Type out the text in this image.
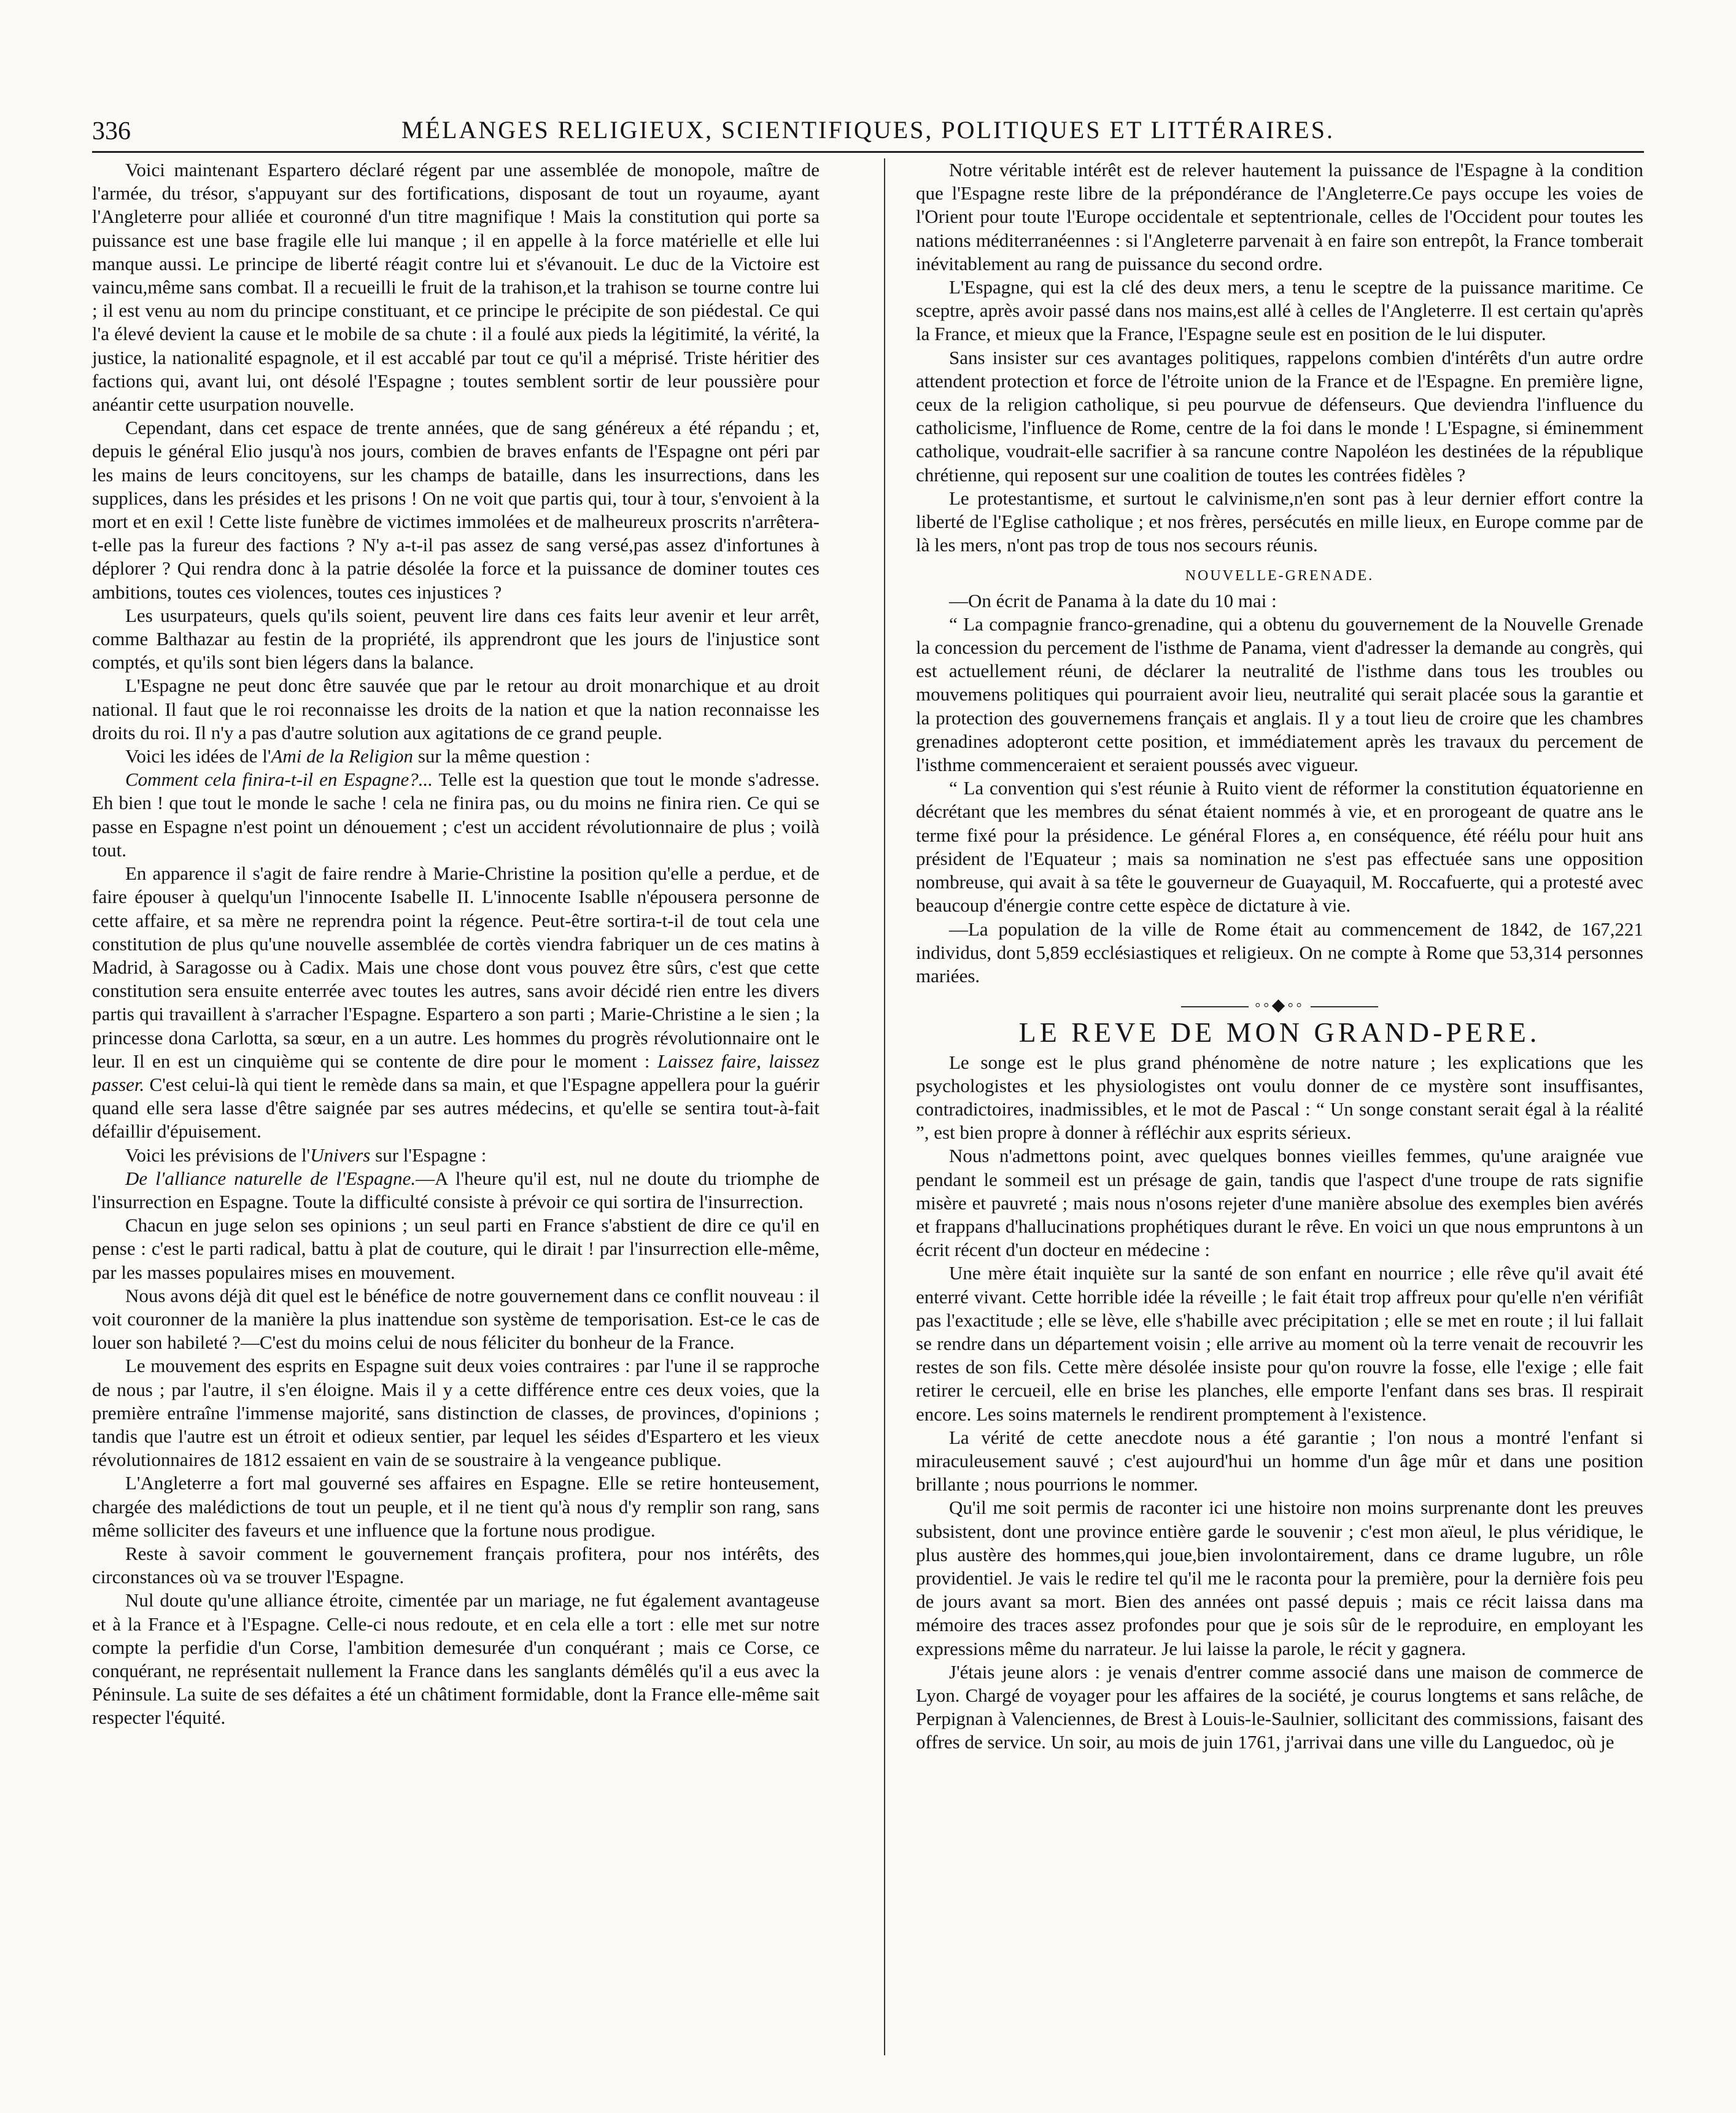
336	MÉLANGES RELIGIEUX, SCIENTIFIQUES, POLITIQUES ET LITTÉRAIRES.

Voici maintenant Espartero déclaré régent par une assemblée de monopole, maître de l'armée, du trésor, s'appuyant sur des fortifications, disposant de tout un royaume, ayant l'Angleterre pour alliée et couronné d'un titre magnifique ! Mais la constitution qui porte sa puissance est une base fragile elle lui manque ; il en appelle à la force matérielle et elle lui manque aussi. Le principe de liberté réagit contre lui et s'évanouit. Le duc de la Victoire est vaincu,même sans combat. Il a recueilli le fruit de la trahison,et la trahison se tourne contre lui ; il est venu au nom du principe constituant, et ce principe le précipite de son piédestal. Ce qui l'a élevé devient la cause et le mobile de sa chute : il a foulé aux pieds la légitimité, la vérité, la justice, la nationalité espagnole, et il est accablé par tout ce qu'il a méprisé. Triste héritier des factions qui, avant lui, ont désolé l'Espagne ; toutes semblent sortir de leur poussière pour anéantir cette usurpation nouvelle.

Cependant, dans cet espace de trente années, que de sang généreux a été répandu ; et, depuis le général Elio jusqu'à nos jours, combien de braves enfants de l'Espagne ont péri par les mains de leurs concitoyens, sur les champs de bataille, dans les insurrections, dans les supplices, dans les présides et les prisons ! On ne voit que partis qui, tour à tour, s'envoient à la mort et en exil ! Cette liste funèbre de victimes immolées et de malheureux proscrits n'arrêtera-t-elle pas la fureur des factions ? N'y a-t-il pas assez de sang versé,pas assez d'infortunes à déplorer ? Qui rendra donc à la patrie désolée la force et la puissance de dominer toutes ces ambitions, toutes ces violences, toutes ces injustices ?

Les usurpateurs, quels qu'ils soient, peuvent lire dans ces faits leur avenir et leur arrêt, comme Balthazar au festin de la propriété, ils apprendront que les jours de l'injustice sont comptés, et qu'ils sont bien légers dans la balance.

L'Espagne ne peut donc être sauvée que par le retour au droit monarchique et au droit national. Il faut que le roi reconnaisse les droits de la nation et que la nation reconnaisse les droits du roi. Il n'y a pas d'autre solution aux agitations de ce grand peuple.

Voici les idées de l'Ami de la Religion sur la même question :

Comment cela finira-t-il en Espagne?... Telle est la question que tout le monde s'adresse. Eh bien ! que tout le monde le sache ! cela ne finira pas, ou du moins ne finira rien. Ce qui se passe en Espagne n'est point un dénouement ; c'est un accident révolutionnaire de plus ; voilà tout.

En apparence il s'agit de faire rendre à Marie-Christine la position qu'elle a perdue, et de faire épouser à quelqu'un l'innocente Isabelle II. L'innocente Isablle n'épousera personne de cette affaire, et sa mère ne reprendra point la régence. Peut-être sortira-t-il de tout cela une constitution de plus qu'une nouvelle assemblée de cortès viendra fabriquer un de ces matins à Madrid, à Saragosse ou à Cadix. Mais une chose dont vous pouvez être sûrs, c'est que cette constitution sera ensuite enterrée avec toutes les autres, sans avoir décidé rien entre les divers partis qui travaillent à s'arracher l'Espagne. Espartero a son parti ; Marie-Christine a le sien ; la princesse dona Carlotta, sa sœur, en a un autre. Les hommes du progrès révolutionnaire ont le leur. Il en est un cinquième qui se contente de dire pour le moment : Laissez faire, laissez passer. C'est celui-là qui tient le remède dans sa main, et que l'Espagne appellera pour la guérir quand elle sera lasse d'être saignée par ses autres médecins, et qu'elle se sentira tout-à-fait défaillir d'épuisement.

Voici les prévisions de l'Univers sur l'Espagne :

De l'alliance naturelle de l'Espagne.—A l'heure qu'il est, nul ne doute du triomphe de l'insurrection en Espagne. Toute la difficulté consiste à prévoir ce qui sortira de l'insurrection.

Chacun en juge selon ses opinions ; un seul parti en France s'abstient de dire ce qu'il en pense : c'est le parti radical, battu à plat de couture, qui le dirait ! par l'insurrection elle-même, par les masses populaires mises en mouvement.

Nous avons déjà dit quel est le bénéfice de notre gouvernement dans ce conflit nouveau : il voit couronner de la manière la plus inattendue son système de temporisation. Est-ce le cas de louer son habileté ?—C'est du moins celui de nous féliciter du bonheur de la France.

Le mouvement des esprits en Espagne suit deux voies contraires : par l'une il se rapproche de nous ; par l'autre, il s'en éloigne. Mais il y a cette différence entre ces deux voies, que la première entraîne l'immense majorité, sans distinction de classes, de provinces, d'opinions ; tandis que l'autre est un étroit et odieux sentier, par lequel les séides d'Espartero et les vieux révolutionnaires de 1812 essaient en vain de se soustraire à la vengeance publique.

L'Angleterre a fort mal gouverné ses affaires en Espagne. Elle se retire honteusement, chargée des malédictions de tout un peuple, et il ne tient qu'à nous d'y remplir son rang, sans même solliciter des faveurs et une influence que la fortune nous prodigue.

Reste à savoir comment le gouvernement français profitera, pour nos intérêts, des circonstances où va se trouver l'Espagne.

Nul doute qu'une alliance étroite, cimentée par un mariage, ne fut également avantageuse et à la France et à l'Espagne. Celle-ci nous redoute, et en cela elle a tort : elle met sur notre compte la perfidie d'un Corse, l'ambition demesurée d'un conquérant ; mais ce Corse, ce conquérant, ne représentait nullement la France dans les sanglants démêlés qu'il a eus avec la Péninsule. La suite de ses défaites a été un châtiment formidable, dont la France elle-même sait respecter l'équité.

Notre véritable intérêt est de relever hautement la puissance de l'Espagne à la condition que l'Espagne reste libre de la prépondérance de l'Angleterre.Ce pays occupe les voies de l'Orient pour toute l'Europe occidentale et septentrionale, celles de l'Occident pour toutes les nations méditerranéennes : si l'Angleterre parvenait à en faire son entrepôt, la France tomberait inévitablement au rang de puissance du second ordre.

L'Espagne, qui est la clé des deux mers, a tenu le sceptre de la puissance maritime. Ce sceptre, après avoir passé dans nos mains,est allé à celles de l'Angleterre. Il est certain qu'après la France, et mieux que la France, l'Espagne seule est en position de le lui disputer.

Sans insister sur ces avantages politiques, rappelons combien d'intérêts d'un autre ordre attendent protection et force de l'étroite union de la France et de l'Espagne. En première ligne, ceux de la religion catholique, si peu pourvue de défenseurs. Que deviendra l'influence du catholicisme, l'influence de Rome, centre de la foi dans le monde ! L'Espagne, si éminemment catholique, voudrait-elle sacrifier à sa rancune contre Napoléon les destinées de la république chrétienne, qui reposent sur une coalition de toutes les contrées fidèles ?

Le protestantisme, et surtout le calvinisme,n'en sont pas à leur dernier effort contre la liberté de l'Eglise catholique ; et nos frères, persécutés en mille lieux, en Europe comme par de là les mers, n'ont pas trop de tous nos secours réunis.

NOUVELLE-GRENADE.

—On écrit de Panama à la date du 10 mai :

“ La compagnie franco-grenadine, qui a obtenu du gouvernement de la Nouvelle Grenade la concession du percement de l'isthme de Panama, vient d'adresser la demande au congrès, qui est actuellement réuni, de déclarer la neutralité de l'isthme dans tous les troubles ou mouvemens politiques qui pourraient avoir lieu, neutralité qui serait placée sous la garantie et la protection des gouvernemens français et anglais. Il y a tout lieu de croire que les chambres grenadines adopteront cette position, et immédiatement après les travaux du percement de l'isthme commenceraient et seraient poussés avec vigueur.

“ La convention qui s'est réunie à Ruito vient de réformer la constitution équatorienne en décrétant que les membres du sénat étaient nommés à vie, et en prorogeant de quatre ans le terme fixé pour la présidence. Le général Flores a, en conséquence, été réélu pour huit ans président de l'Equateur ; mais sa nomination ne s'est pas effectuée sans une opposition nombreuse, qui avait à sa tête le gouverneur de Guayaquil, M. Roccafuerte, qui a protesté avec beaucoup d'énergie contre cette espèce de dictature à vie.

—La population de la ville de Rome était au commencement de 1842, de 167,221 individus, dont 5,859 ecclésiastiques et religieux. On ne compte à Rome que 53,314 personnes mariées.

◦◦◆◦◦

LE REVE DE MON GRAND-PERE.

Le songe est le plus grand phénomène de notre nature ; les explications que les psychologistes et les physiologistes ont voulu donner de ce mystère sont insuffisantes, contradictoires, inadmissibles, et le mot de Pascal : “ Un songe constant serait égal à la réalité ”, est bien propre à donner à réfléchir aux esprits sérieux.

Nous n'admettons point, avec quelques bonnes vieilles femmes, qu'une araignée vue pendant le sommeil est un présage de gain, tandis que l'aspect d'une troupe de rats signifie misère et pauvreté ; mais nous n'osons rejeter d'une manière absolue des exemples bien avérés et frappans d'hallucinations prophétiques durant le rêve. En voici un que nous empruntons à un écrit récent d'un docteur en médecine :

Une mère était inquiète sur la santé de son enfant en nourrice ; elle rêve qu'il avait été enterré vivant. Cette horrible idée la réveille ; le fait était trop affreux pour qu'elle n'en vérifiât pas l'exactitude ; elle se lève, elle s'habille avec précipitation ; elle se met en route ; il lui fallait se rendre dans un département voisin ; elle arrive au moment où la terre venait de recouvrir les restes de son fils. Cette mère désolée insiste pour qu'on rouvre la fosse, elle l'exige ; elle fait retirer le cercueil, elle en brise les planches, elle emporte l'enfant dans ses bras. Il respirait encore. Les soins maternels le rendirent promptement à l'existence.

La vérité de cette anecdote nous a été garantie ; l'on nous a montré l'enfant si miraculeusement sauvé ; c'est aujourd'hui un homme d'un âge mûr et dans une position brillante ; nous pourrions le nommer.

Qu'il me soit permis de raconter ici une histoire non moins surprenante dont les preuves subsistent, dont une province entière garde le souvenir ; c'est mon aïeul, le plus véridique, le plus austère des hommes,qui joue,bien involontairement, dans ce drame lugubre, un rôle providentiel. Je vais le redire tel qu'il me le raconta pour la première, pour la dernière fois peu de jours avant sa mort. Bien des années ont passé depuis ; mais ce récit laissa dans ma mémoire des traces assez profondes pour que je sois sûr de le reproduire, en employant les expressions même du narrateur. Je lui laisse la parole, le récit y gagnera.

J'étais jeune alors : je venais d'entrer comme associé dans une maison de commerce de Lyon. Chargé de voyager pour les affaires de la société, je courus longtems et sans relâche, de Perpignan à Valenciennes, de Brest à Louis-le-Saulnier, sollicitant des commissions, faisant des offres de service. Un soir, au mois de juin 1761, j'arrivai dans une ville du Languedoc, où je
